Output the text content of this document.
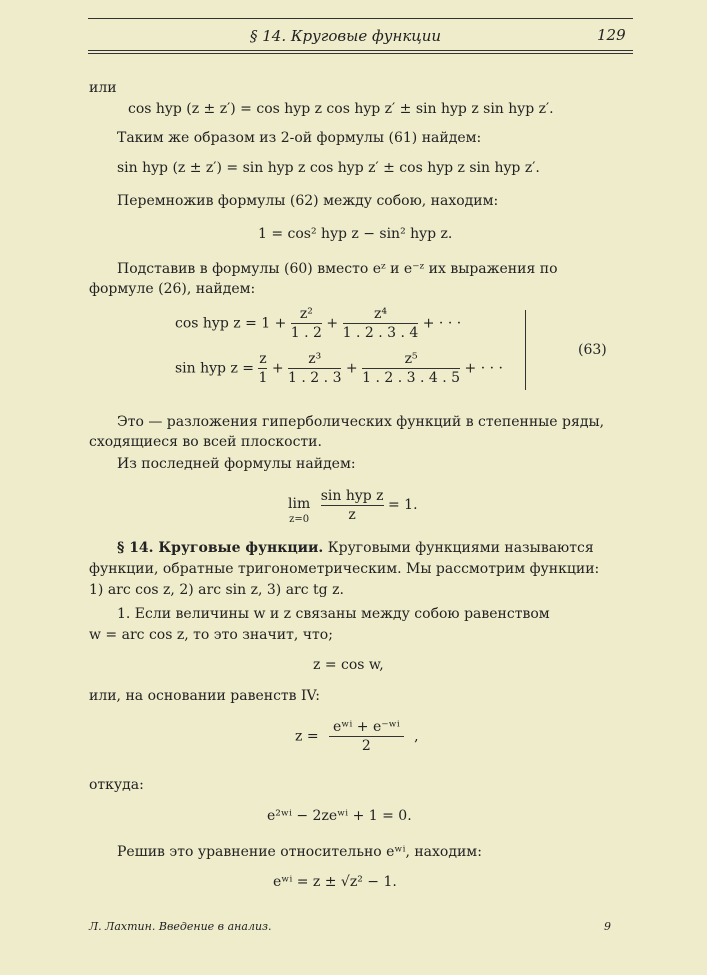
§ 14. Круговые функции	129
или
cos hyp (z ± z′) = cos hyp z cos hyp z′ ± sin hyp z sin hyp z′.
Таким же образом из 2-ой формулы (61) найдем:
sin hyp (z ± z′) = sin hyp z cos hyp z′ ± cos hyp z sin hyp z′.
Перемножив формулы (62) между собою, находим:
1 = cos² hyp z − sin² hyp z.
Подставив в формулы (60) вместо eᶻ и e⁻ᶻ их выражения по
формуле (26), найдем:
cos hyp $z = 1 + \frac{\text{z²}}{1 . 2} + \frac{\text{z⁴}}{1 . 2 . 3 . 4}$ + · · ·
sin hyp $z = \frac{z}{1} + \frac{\text{z³}}{1 . 2 . 3} + \frac{\text{z⁵}}{1 . 2 . 3 . 4 . 5}$ + · · ·
(63)
Это — разложения гиперболических функций в степенные ряды,
сходящиеся во всей плоскости.
Из последней формулы найдем:
lim
z=0
$\frac{\text{sin hyp z}}{z} = 1$.
§ 14. Круговые функции. Круговыми функциями называются
функции, обратные тригонометрическим. Мы рассмотрим функции:
1) arc cos z, 2) arc sin z, 3) arc tg z.
1. Если величины w и z связаны между собою равенством
w = arc cos z, то это значит, что;
z = cos w,
или, на основании равенств IV:
$z = \frac{\text{eʷⁱ + e⁻ʷⁱ}}{2}$ ,
откуда:
e²ʷⁱ − 2zeʷⁱ + 1 = 0.
Решив это уравнение относительно eʷⁱ, находим:
eʷⁱ = z ± √z² − 1.
Л. Лахтин. Введение в анализ.	9
